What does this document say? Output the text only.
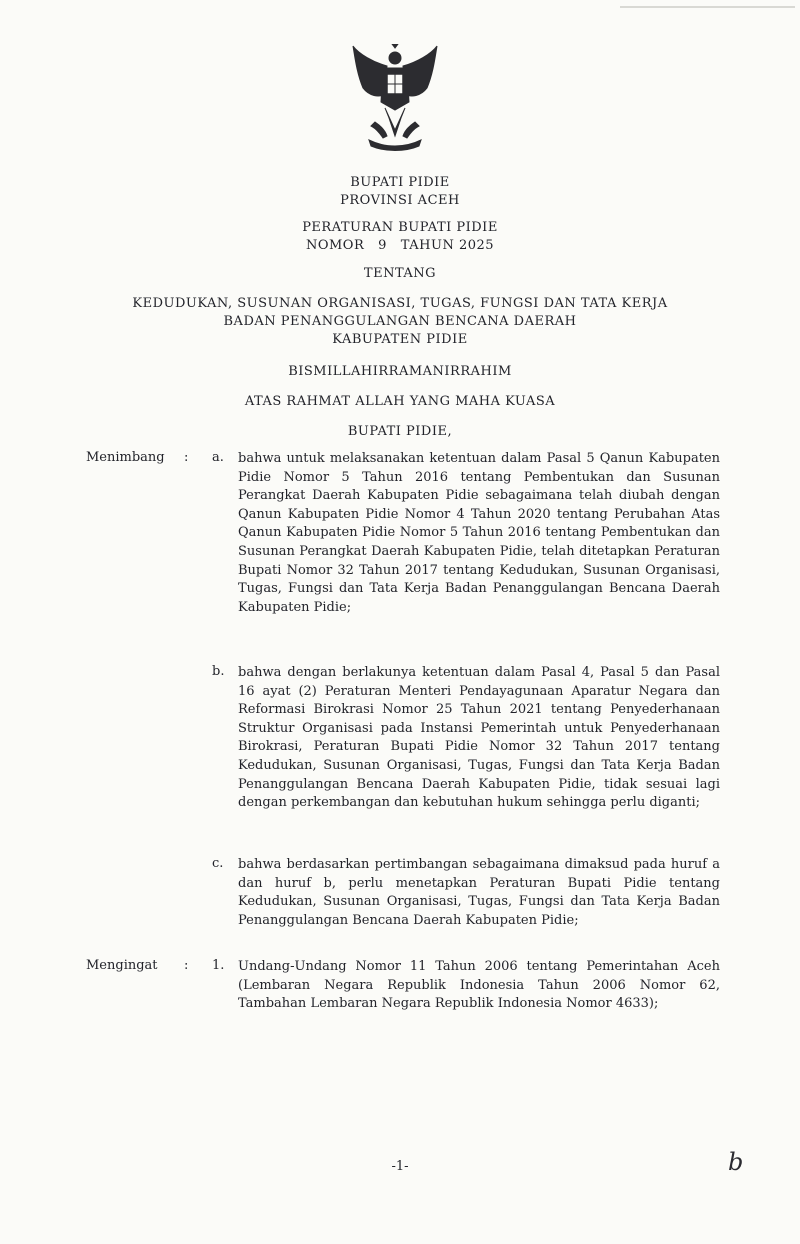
BUPATI PIDIE
PROVINSI ACEH
PERATURAN BUPATI PIDIE
NOMOR   9   TAHUN 2025
TENTANG
KEDUDUKAN, SUSUNAN ORGANISASI, TUGAS, FUNGSI DAN TATA KERJA
BADAN PENANGGULANGAN BENCANA DAERAH
KABUPATEN PIDIE
BISMILLAHIRRAMANIRRAHIM
ATAS RAHMAT ALLAH YANG MAHA KUASA
BUPATI PIDIE,
Menimbang : a. bahwa untuk melaksanakan ketentuan dalam Pasal 5 Qanun Kabupaten Pidie Nomor 5 Tahun 2016 tentang Pembentukan dan Susunan Perangkat Daerah Kabupaten Pidie sebagaimana telah diubah dengan Qanun Kabupaten Pidie Nomor 4 Tahun 2020 tentang Perubahan Atas Qanun Kabupaten Pidie Nomor 5 Tahun 2016 tentang Pembentukan dan Susunan Perangkat Daerah Kabupaten Pidie, telah ditetapkan Peraturan Bupati Nomor 32 Tahun 2017 tentang Kedudukan, Susunan Organisasi, Tugas, Fungsi dan Tata Kerja Badan Penanggulangan Bencana Daerah Kabupaten Pidie;
b. bahwa dengan berlakunya ketentuan dalam Pasal 4, Pasal 5 dan Pasal 16 ayat (2) Peraturan Menteri Pendayagunaan Aparatur Negara dan Reformasi Birokrasi Nomor 25 Tahun 2021 tentang Penyederhanaan Struktur Organisasi pada Instansi Pemerintah untuk Penyederhanaan Birokrasi, Peraturan Bupati Pidie Nomor 32 Tahun 2017 tentang Kedudukan, Susunan Organisasi, Tugas, Fungsi dan Tata Kerja Badan Penanggulangan Bencana Daerah Kabupaten Pidie, tidak sesuai lagi dengan perkembangan dan kebutuhan hukum sehingga perlu diganti;
c. bahwa berdasarkan pertimbangan sebagaimana dimaksud pada huruf a dan huruf b, perlu menetapkan Peraturan Bupati Pidie tentang Kedudukan, Susunan Organisasi, Tugas, Fungsi dan Tata Kerja Badan Penanggulangan Bencana Daerah Kabupaten Pidie;
Mengingat : 1. Undang-Undang Nomor 11 Tahun 2006 tentang Pemerintahan Aceh (Lembaran Negara Republik Indonesia Tahun 2006 Nomor 62, Tambahan Lembaran Negara Republik Indonesia Nomor 4633);
-1-	b
